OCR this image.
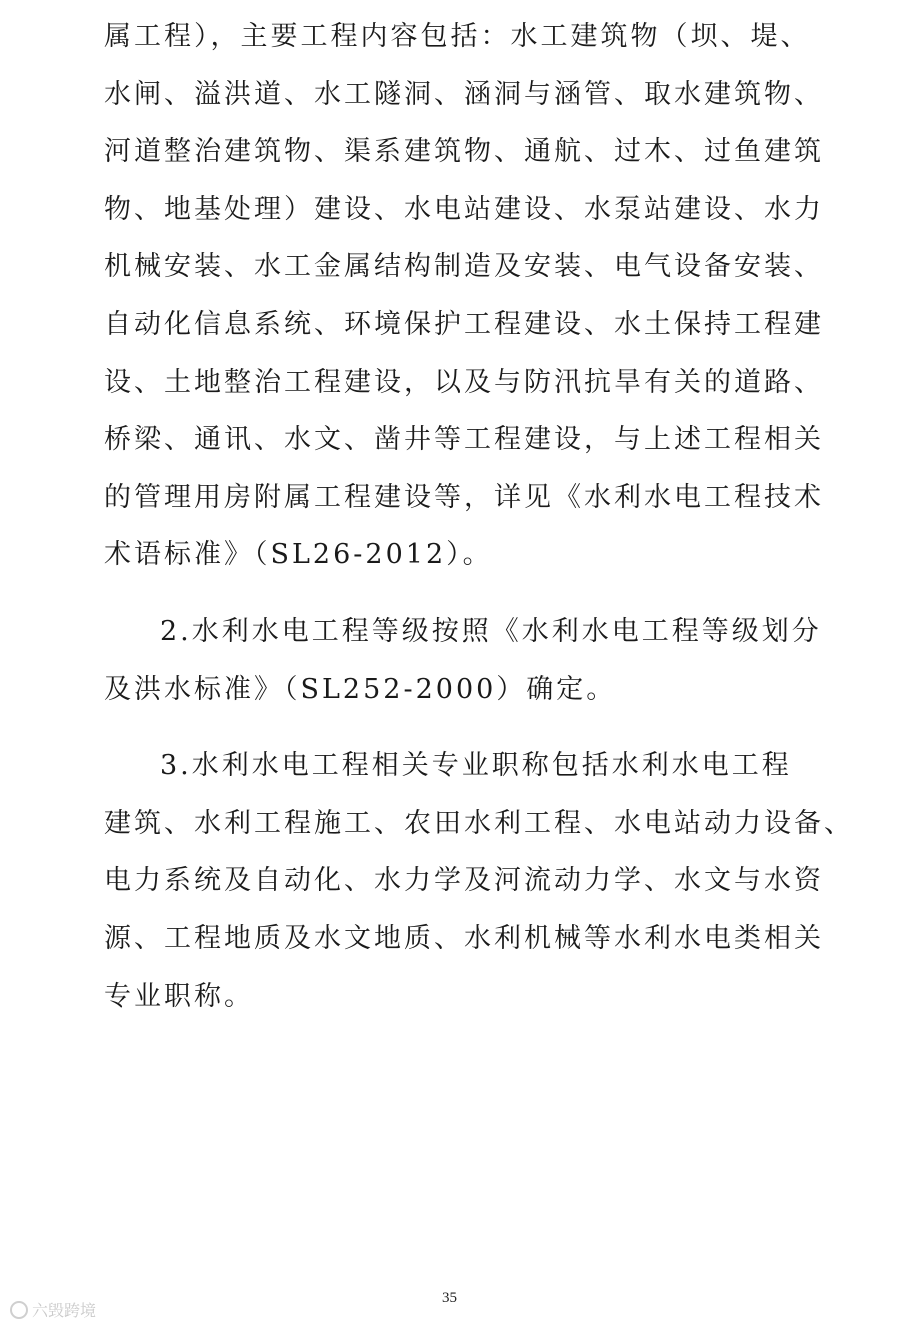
属工程），主要工程内容包括：水工建筑物（坝、堤、
水闸、溢洪道、水工隧洞、涵洞与涵管、取水建筑物、
河道整治建筑物、渠系建筑物、通航、过木、过鱼建筑
物、地基处理）建设、水电站建设、水泵站建设、水力
机械安装、水工金属结构制造及安装、电气设备安装、
自动化信息系统、环境保护工程建设、水土保持工程建
设、土地整治工程建设，以及与防汛抗旱有关的道路、
桥梁、通讯、水文、凿井等工程建设，与上述工程相关
的管理用房附属工程建设等，详见《水利水电工程技术
术语标准》（SL26-2012）。
2.水利水电工程等级按照《水利水电工程等级划分
及洪水标准》（SL252-2000）确定。
3.水利水电工程相关专业职称包括水利水电工程
建筑、水利工程施工、农田水利工程、水电站动力设备、
电力系统及自动化、水力学及河流动力学、水文与水资
源、工程地质及水文地质、水利机械等水利水电类相关
专业职称。
35
六毁跨境
